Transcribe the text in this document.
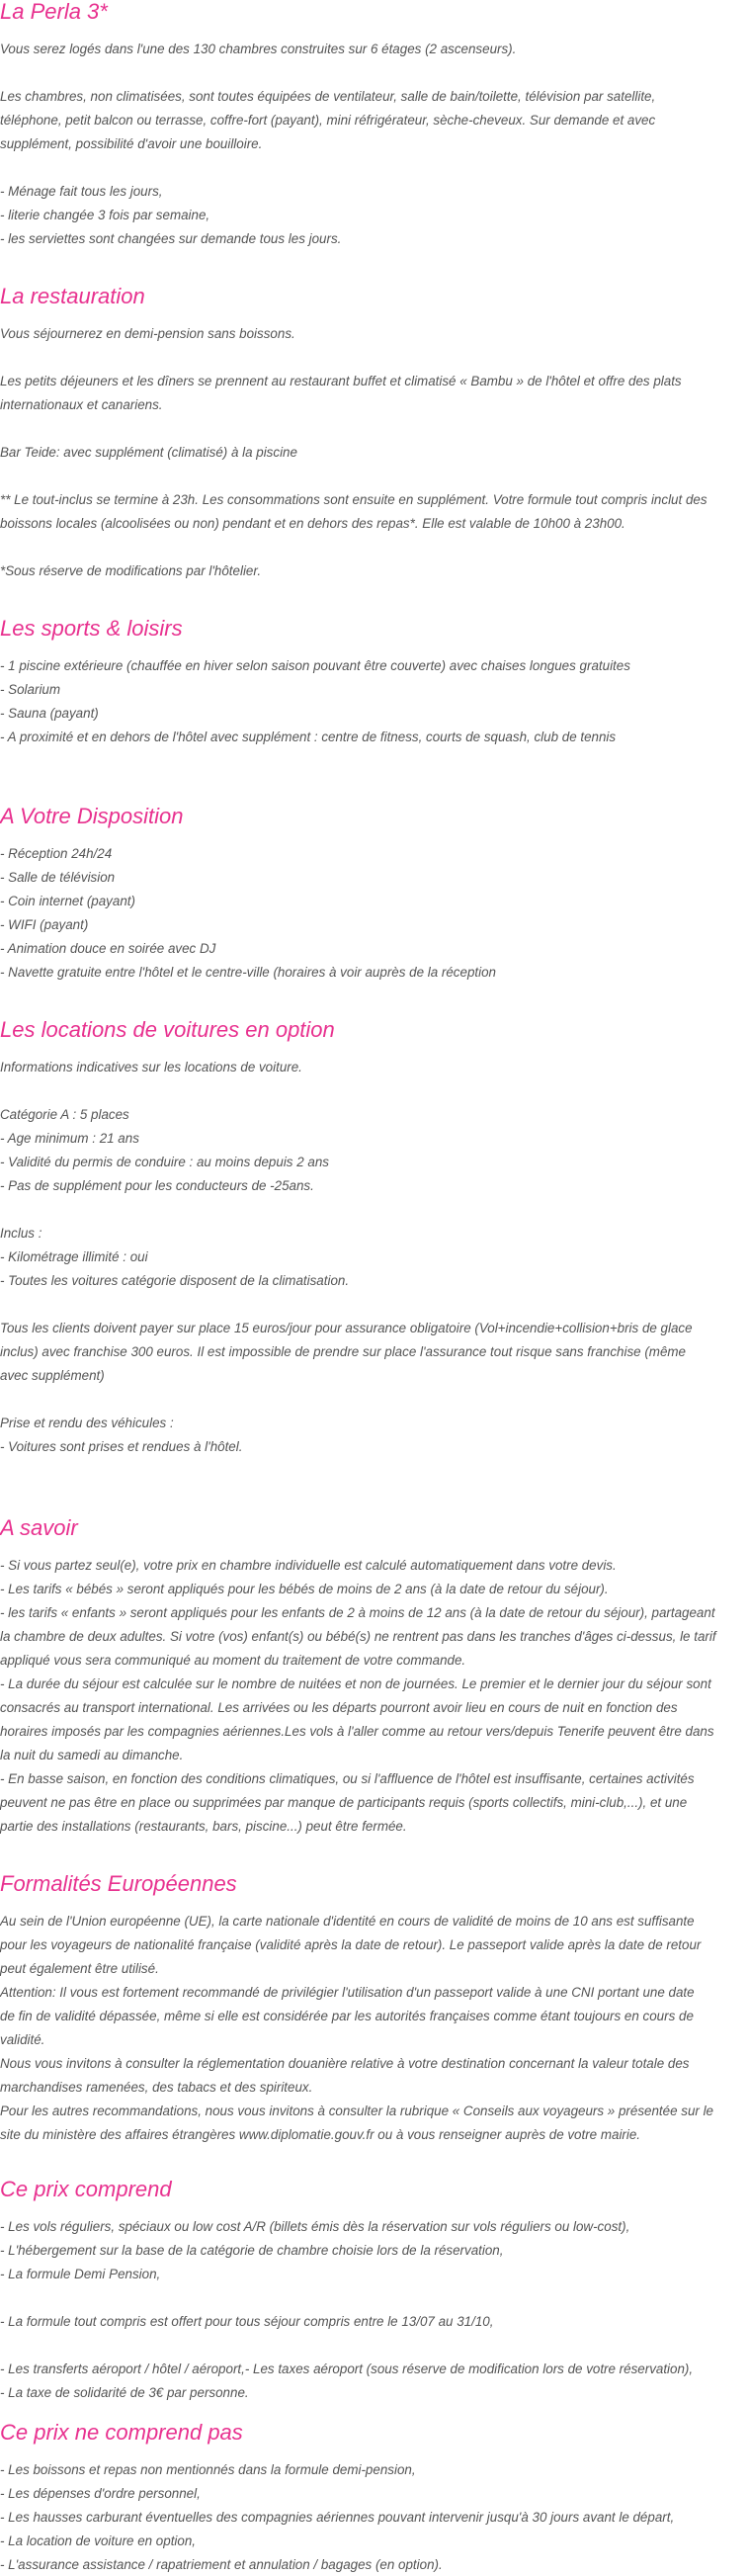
La Perla 3*
Vous serez logés dans l'une des 130 chambres construites sur 6 étages (2 ascenseurs).
Les chambres, non climatisées, sont toutes équipées de ventilateur, salle de bain/toilette, télévision par satellite,
téléphone, petit balcon ou terrasse, coffre-fort (payant), mini réfrigérateur, sèche-cheveux. Sur demande et avec
supplément, possibilité d'avoir une bouilloire.
- Ménage fait tous les jours,
- literie changée 3 fois par semaine,
- les serviettes sont changées sur demande tous les jours.
La restauration
Vous séjournerez en demi-pension sans boissons.
Les petits déjeuners et les dîners se prennent au restaurant buffet et climatisé « Bambu » de l'hôtel et offre des plats
internationaux et canariens.
Bar Teide: avec supplément (climatisé) à la piscine
** Le tout-inclus se termine à 23h. Les consommations sont ensuite en supplément. Votre formule tout compris inclut des
boissons locales (alcoolisées ou non) pendant et en dehors des repas*. Elle est valable de 10h00 à 23h00.
*Sous réserve de modifications par l'hôtelier.
Les sports & loisirs
- 1 piscine extérieure (chauffée en hiver selon saison pouvant être couverte) avec chaises longues gratuites
- Solarium
- Sauna (payant)
- A proximité et en dehors de l'hôtel avec supplément : centre de fitness, courts de squash, club de tennis
A Votre Disposition
- Réception 24h/24
- Salle de télévision
- Coin internet (payant)
- WIFI (payant)
- Animation douce en soirée avec DJ
- Navette gratuite entre l'hôtel et le centre-ville (horaires à voir auprès de la réception
Les locations de voitures en option
Informations indicatives sur les locations de voiture.
Catégorie A : 5 places
- Age minimum : 21 ans
- Validité du permis de conduire : au moins depuis 2 ans
- Pas de supplément pour les conducteurs de -25ans.
Inclus :
- Kilométrage illimité : oui
- Toutes les voitures catégorie disposent de la climatisation.
Tous les clients doivent payer sur place 15 euros/jour pour assurance obligatoire (Vol+incendie+collision+bris de glace
inclus) avec franchise 300 euros. Il est impossible de prendre sur place l'assurance tout risque sans franchise (même
avec supplément)
Prise et rendu des véhicules :
- Voitures sont prises et rendues à l'hôtel.
A savoir
- Si vous partez seul(e), votre prix en chambre individuelle est calculé automatiquement dans votre devis.
- Les tarifs « bébés » seront appliqués pour les bébés de moins de 2 ans (à la date de retour du séjour).
- les tarifs « enfants » seront appliqués pour les enfants de 2 à moins de 12 ans (à la date de retour du séjour), partageant
la chambre de deux adultes. Si votre (vos) enfant(s) ou bébé(s) ne rentrent pas dans les tranches d'âges ci-dessus, le tarif
appliqué vous sera communiqué au moment du traitement de votre commande.
- La durée du séjour est calculée sur le nombre de nuitées et non de journées. Le premier et le dernier jour du séjour sont
consacrés au transport international. Les arrivées ou les départs pourront avoir lieu en cours de nuit en fonction des
horaires imposés par les compagnies aériennes.Les vols à l'aller comme au retour vers/depuis Tenerife peuvent être dans
la nuit du samedi au dimanche.
- En basse saison, en fonction des conditions climatiques, ou si l'affluence de l'hôtel est insuffisante, certaines activités
peuvent ne pas être en place ou supprimées par manque de participants requis (sports collectifs, mini-club,...), et une
partie des installations (restaurants, bars, piscine...) peut être fermée.
Formalités Européennes
Au sein de l'Union européenne (UE), la carte nationale d'identité en cours de validité de moins de 10 ans est suffisante
pour les voyageurs de nationalité française (validité après la date de retour). Le passeport valide après la date de retour
peut également être utilisé.
Attention: Il vous est fortement recommandé de privilégier l'utilisation d'un passeport valide à une CNI portant une date
de fin de validité dépassée, même si elle est considérée par les autorités françaises comme étant toujours en cours de
validité.
Nous vous invitons à consulter la réglementation douanière relative à votre destination concernant la valeur totale des
marchandises ramenées, des tabacs et des spiriteux.
Pour les autres recommandations, nous vous invitons à consulter la rubrique « Conseils aux voyageurs » présentée sur le
site du ministère des affaires étrangères www.diplomatie.gouv.fr ou à vous renseigner auprès de votre mairie.
Ce prix comprend
- Les vols réguliers, spéciaux ou low cost A/R (billets émis dès la réservation sur vols réguliers ou low-cost),
- L'hébergement sur la base de la catégorie de chambre choisie lors de la réservation,
- La formule Demi Pension,
- La formule tout compris est offert pour tous séjour compris entre le 13/07 au 31/10,
- Les transferts aéroport / hôtel / aéroport,- Les taxes aéroport (sous réserve de modification lors de votre réservation),
- La taxe de solidarité de 3€ par personne.
Ce prix ne comprend pas
- Les boissons et repas non mentionnés dans la formule demi-pension,
- Les dépenses d'ordre personnel,
- Les hausses carburant éventuelles des compagnies aériennes pouvant intervenir jusqu'à 30 jours avant le départ,
- La location de voiture en option,
- L'assurance assistance / rapatriement et annulation / bagages (en option).
